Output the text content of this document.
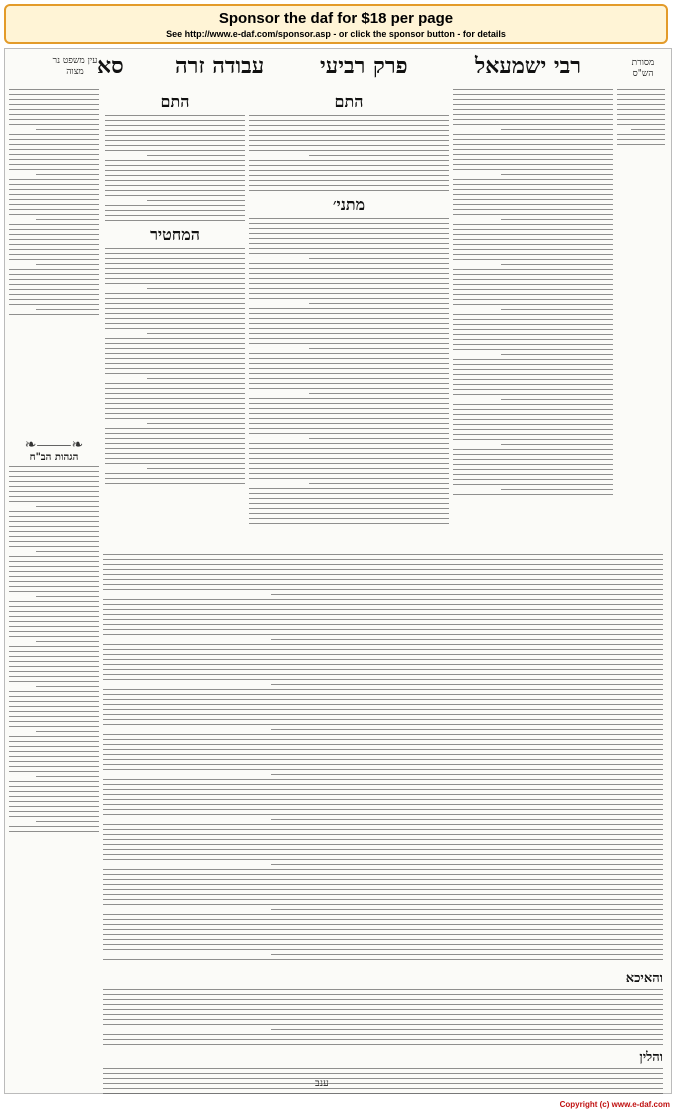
Sponsor the daf for $18 per page
See http://www.e-daf.com/sponsor.asp - or click the sponsor button - for details
רבי ישמעאל
פרק רביעי
עבודה זרה
סא	מסורת הש"ס
עין משפט נר מצוה
התם
מתני׳
התם
המחטיר
❧⸻❧
הגהות הב"ח
והאיכא
והלין
ענב
Copyright (c) www.e-daf.com
